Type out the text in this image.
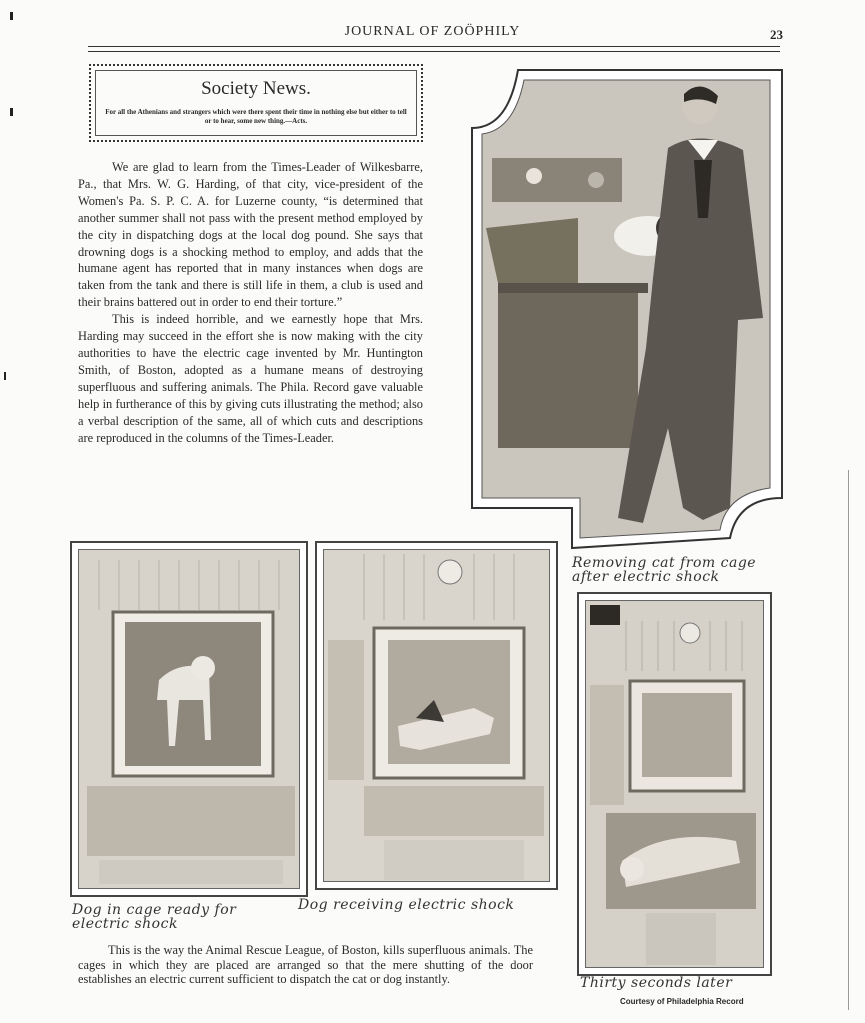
JOURNAL OF ZOÖPHILY	23
Society News.
For all the Athenians and strangers which were there spent their time in nothing else but either to tell or to hear, some new thing.—Acts.

We are glad to learn from the Times-Leader of Wilkesbarre, Pa., that Mrs. W. G. Harding, of that city, vice-president of the Women's Pa. S. P. C. A. for Luzerne county, “is determined that another summer shall not pass with the present method employed by the city in dispatching dogs at the local dog pound. She says that drowning dogs is a shocking method to employ, and adds that the humane agent has reported that in many instances when dogs are taken from the tank and there is still life in them, a club is used and their brains battered out in order to end their torture.”

This is indeed horrible, and we earnestly hope that Mrs. Harding may succeed in the effort she is now making with the city authorities to have the electric cage invented by Mr. Huntington Smith, of Boston, adopted as a humane means of destroying superfluous and suffering animals. The Phila. Record gave valuable help in furtherance of this by giving cuts illustrating the method; also a verbal description of the same, all of which cuts and descriptions are reproduced in the columns of the Times-Leader.

Removing cat from cage after electric shock
Dog in cage ready for electric shock
Dog receiving electric shock
Thirty seconds later

This is the way the Animal Rescue League, of Boston, kills superfluous animals. The cages in which they are placed are arranged so that the mere shutting of the door establishes an electric current sufficient to dispatch the cat or dog instantly.

Courtesy of Philadelphia Record
